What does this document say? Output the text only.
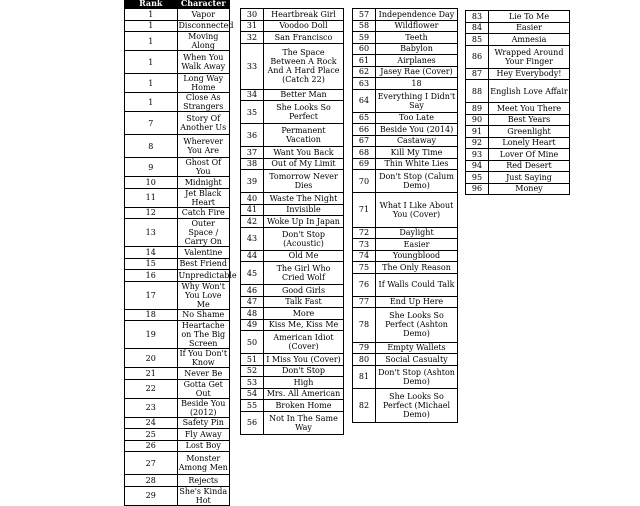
Rank	Character
1	Vapor
1	Disconnected
1	Moving Along
1	When You Walk Away
1	Long Way Home
1	Close As Strangers
7	Story Of Another Us
8	Wherever You Are
9	Ghost Of You
10	Midnight
11	Jet Black Heart
12	Catch Fire
13	Outer Space / Carry On
14	Valentine
15	Best Friend
16	Unpredictable
17	Why Won't You Love Me
18	No Shame
19	Heartache on The Big Screen
20	If You Don't Know
21	Never Be
22	Gotta Get Out
23	Beside You (2012)
24	Safety Pin
25	Fly Away
26	Lost Boy
27	Monster Among Men
28	Rejects
29	She's Kinda Hot
30	Heartbreak Girl
31	Voodoo Doll
32	San Francisco
33	The Space Between A Rock And A Hard Place (Catch 22)
34	Better Man
35	She Looks So Perfect
36	Permanent Vacation
37	Want You Back
38	Out of My Limit
39	Tomorrow Never Dies
40	Waste The Night
41	Invisible
42	Woke Up In Japan
43	Don't Stop (Acoustic)
44	Old Me
45	The Girl Who Cried Wolf
46	Good Girls
47	Talk Fast
48	More
49	Kiss Me, Kiss Me
50	American Idiot (Cover)
51	I Miss You (Cover)
52	Don't Stop
53	High
54	Mrs. All American
55	Broken Home
56	Not In The Same Way
57	Independence Day
58	Wildflower
59	Teeth
60	Babylon
61	Airplanes
62	Jasey Rae (Cover)
63	18
64	Everything I Didn't Say
65	Too Late
66	Beside You (2014)
67	Castaway
68	Kill My Time
69	Thin White Lies
70	Don't Stop (Calum Demo)
71	What I Like About You (Cover)
72	Daylight
73	Easier
74	Youngblood
75	The Only Reason
76	If Walls Could Talk
77	End Up Here
78	She Looks So Perfect (Ashton Demo)
79	Empty Wallets
80	Social Casualty
81	Don't Stop (Ashton Demo)
82	She Looks So Perfect (Michael Demo)
83	Lie To Me
84	Easier
85	Amnesia
86	Wrapped Around Your Finger
87	Hey Everybody!
88	English Love Affair
89	Meet You There
90	Best Years
91	Greenlight
92	Lonely Heart
93	Lover Of Mine
94	Red Desert
95	Just Saying
96	Money
